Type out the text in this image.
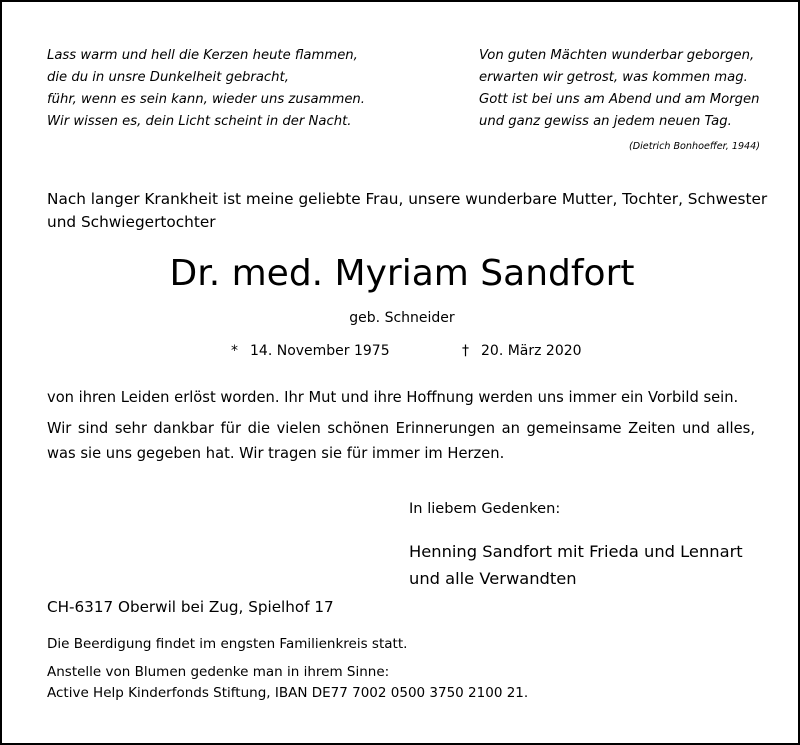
Lass warm und hell die Kerzen heute flammen,
die du in unsre Dunkelheit gebracht,
führ, wenn es sein kann, wieder uns zusammen.
Wir wissen es, dein Licht scheint in der Nacht.
Von guten Mächten wunderbar geborgen,
erwarten wir getrost, was kommen mag.
Gott ist bei uns am Abend und am Morgen
und ganz gewiss an jedem neuen Tag.
(Dietrich Bonhoeffer, 1944)
Nach langer Krankheit ist meine geliebte Frau, unsere wunderbare Mutter, Tochter, Schwester
und Schwiegertochter
Dr. med. Myriam Sandfort
geb. Schneider
* 14. November 1975	† 20. März 2020
von ihren Leiden erlöst worden. Ihr Mut und ihre Hoffnung werden uns immer ein Vorbild sein.
Wir sind sehr dankbar für die vielen schönen Erinnerungen an gemeinsame Zeiten und alles, was sie uns gegeben hat. Wir tragen sie für immer im Herzen.
In liebem Gedenken:
Henning Sandfort mit Frieda und Lennart
und alle Verwandten
CH-6317 Oberwil bei Zug, Spielhof 17
Die Beerdigung findet im engsten Familienkreis statt.
Anstelle von Blumen gedenke man in ihrem Sinne:
Active Help Kinderfonds Stiftung, IBAN DE77 7002 0500 3750 2100 21.
